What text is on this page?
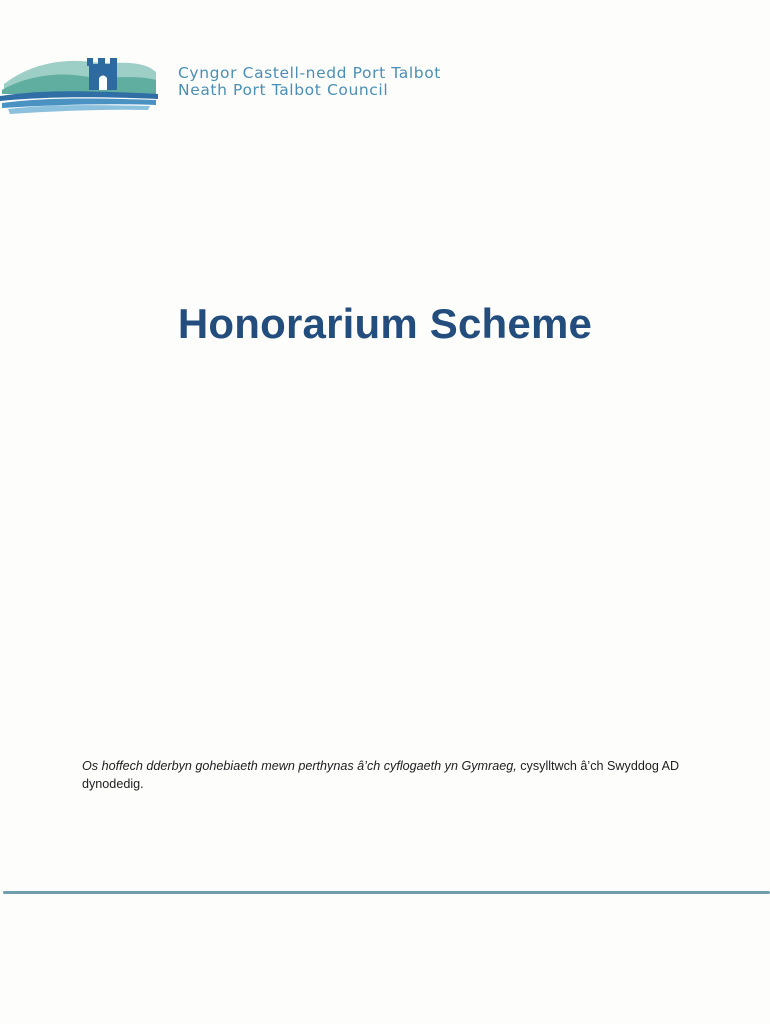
Cyngor Castell-nedd Port Talbot
Neath Port Talbot Council
Honorarium Scheme
Os hoffech dderbyn gohebiaeth mewn perthynas â’ch cyflogaeth yn Gymraeg, cysylltwch â’ch Swyddog AD dynodedig.
